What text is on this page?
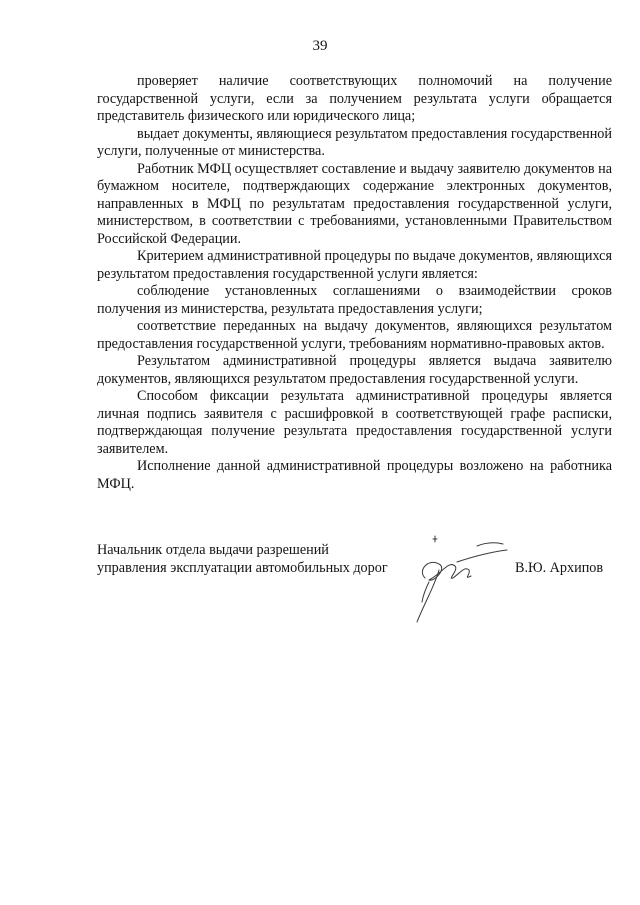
39

проверяет наличие соответствующих полномочий на получение государственной услуги, если за получением результата услуги обращается представитель физического или юридического лица;

выдает документы, являющиеся результатом предоставления государственной услуги, полученные от министерства.

Работник МФЦ осуществляет составление и выдачу заявителю документов на бумажном носителе, подтверждающих содержание электронных документов, направленных в МФЦ по результатам предоставления государственной услуги, министерством, в соответствии с требованиями, установленными Правительством Российской Федерации.

Критерием административной процедуры по выдаче документов, являющихся результатом предоставления государственной услуги является:

соблюдение установленных соглашениями о взаимодействии сроков получения из министерства, результата предоставления услуги;

соответствие переданных на выдачу документов, являющихся результатом предоставления государственной услуги, требованиям нормативно-правовых актов.

Результатом административной процедуры является выдача заявителю документов, являющихся результатом предоставления государственной услуги.

Способом фиксации результата административной процедуры является личная подпись заявителя с расшифровкой в соответствующей графе расписки, подтверждающая получение результата предоставления государственной услуги заявителем.

Исполнение данной административной процедуры возложено на работника МФЦ.

Начальник отдела выдачи разрешений
управления эксплуатации автомобильных дорог	В.Ю. Архипов
